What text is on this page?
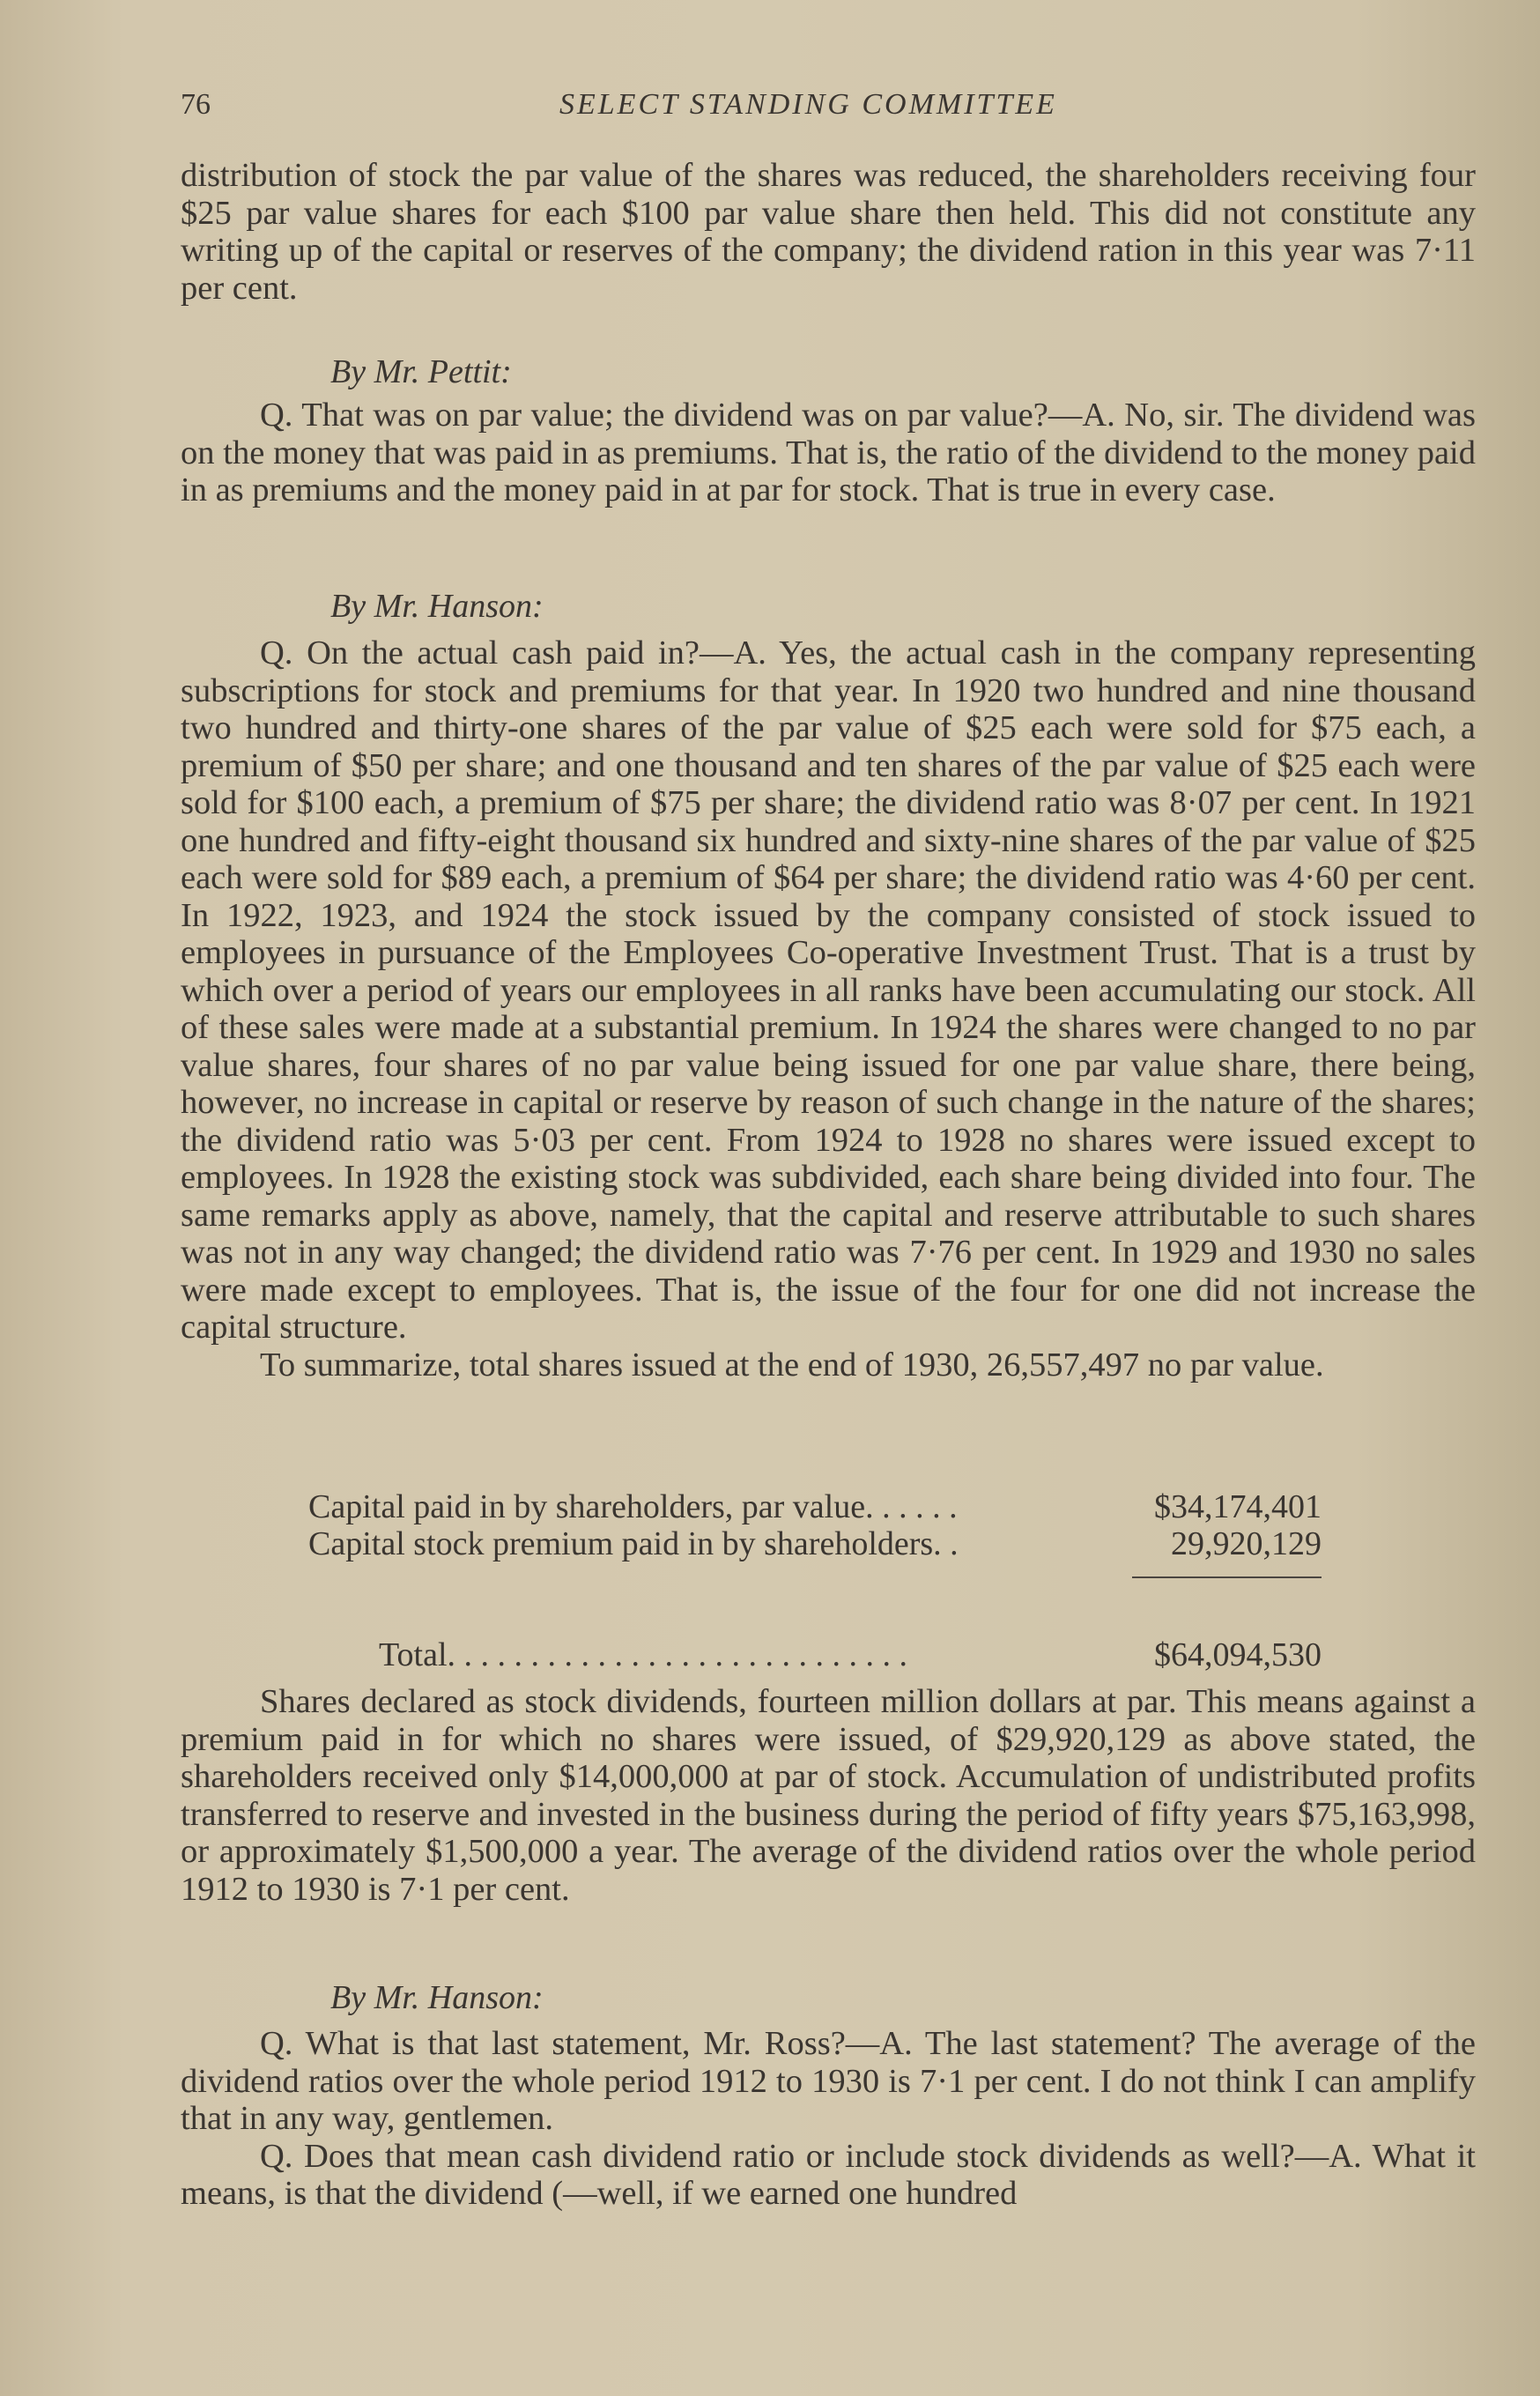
76	SELECT STANDING COMMITTEE

distribution of stock the par value of the shares was reduced, the shareholders receiving four $25 par value shares for each $100 par value share then held. This did not constitute any writing up of the capital or reserves of the company; the dividend ration in this year was 7·11 per cent.

By Mr. Pettit:

Q. That was on par value; the dividend was on par value?—A. No, sir. The dividend was on the money that was paid in as premiums. That is, the ratio of the dividend to the money paid in as premiums and the money paid in at par for stock. That is true in every case.

By Mr. Hanson:

Q. On the actual cash paid in?—A. Yes, the actual cash in the company representing subscriptions for stock and premiums for that year. In 1920 two hundred and nine thousand two hundred and thirty-one shares of the par value of $25 each were sold for $75 each, a premium of $50 per share; and one thousand and ten shares of the par value of $25 each were sold for $100 each, a premium of $75 per share; the dividend ratio was 8·07 per cent. In 1921 one hundred and fifty-eight thousand six hundred and sixty-nine shares of the par value of $25 each were sold for $89 each, a premium of $64 per share; the dividend ratio was 4·60 per cent. In 1922, 1923, and 1924 the stock issued by the company consisted of stock issued to employees in pursuance of the Employees Co-operative Investment Trust. That is a trust by which over a period of years our employees in all ranks have been accumulating our stock. All of these sales were made at a substantial premium. In 1924 the shares were changed to no par value shares, four shares of no par value being issued for one par value share, there being, however, no increase in capital or reserve by reason of such change in the nature of the shares; the dividend ratio was 5·03 per cent. From 1924 to 1928 no shares were issued except to employees. In 1928 the existing stock was subdivided, each share being divided into four. The same remarks apply as above, namely, that the capital and reserve attributable to such shares was not in any way changed; the dividend ratio was 7·76 per cent. In 1929 and 1930 no sales were made except to employees. That is, the issue of the four for one did not increase the capital structure.

To summarize, total shares issued at the end of 1930, 26,557,497 no par value.

Capital paid in by shareholders, par value. . . . . .	$34,174,401
Capital stock premium paid in by shareholders. .	29,920,129
Total. . . . . . . . . . . . . . . . . . . . . . . . . . . .	$64,094,530

Shares declared as stock dividends, fourteen million dollars at par. This means against a premium paid in for which no shares were issued, of $29,920,129 as above stated, the shareholders received only $14,000,000 at par of stock. Accumulation of undistributed profits transferred to reserve and invested in the business during the period of fifty years $75,163,998, or approximately $1,500,000 a year. The average of the dividend ratios over the whole period 1912 to 1930 is 7·1 per cent.

By Mr. Hanson:

Q. What is that last statement, Mr. Ross?—A. The last statement? The average of the dividend ratios over the whole period 1912 to 1930 is 7·1 per cent. I do not think I can amplify that in any way, gentlemen.

Q. Does that mean cash dividend ratio or include stock dividends as well?—A. What it means, is that the dividend (—well, if we earned one hundred
